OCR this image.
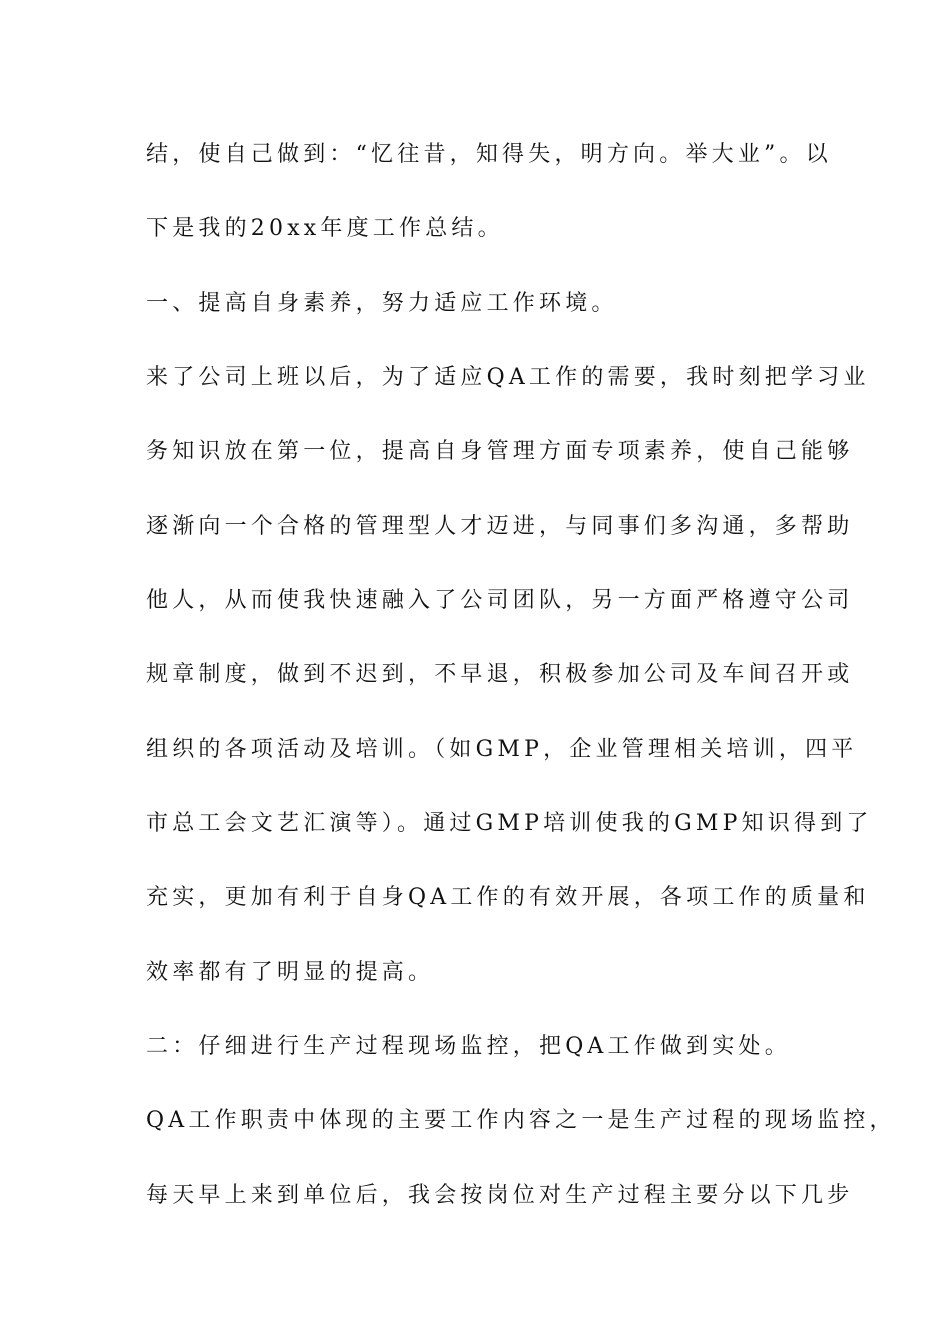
结，使自己做到：“忆往昔，知得失，明方向。举大业”。以
下是我的20xx年度工作总结。
一、提高自身素养，努力适应工作环境。
来了公司上班以后，为了适应QA工作的需要，我时刻把学习业
务知识放在第一位，提高自身管理方面专项素养，使自己能够
逐渐向一个合格的管理型人才迈进，与同事们多沟通，多帮助
他人，从而使我快速融入了公司团队，另一方面严格遵守公司
规章制度，做到不迟到，不早退，积极参加公司及车间召开或
组织的各项活动及培训。（如GMP，企业管理相关培训，四平
市总工会文艺汇演等）。通过GMP培训使我的GMP知识得到了
充实，更加有利于自身QA工作的有效开展，各项工作的质量和
效率都有了明显的提高。
二：仔细进行生产过程现场监控，把QA工作做到实处。
QA工作职责中体现的主要工作内容之一是生产过程的现场监控，
每天早上来到单位后，我会按岗位对生产过程主要分以下几步
